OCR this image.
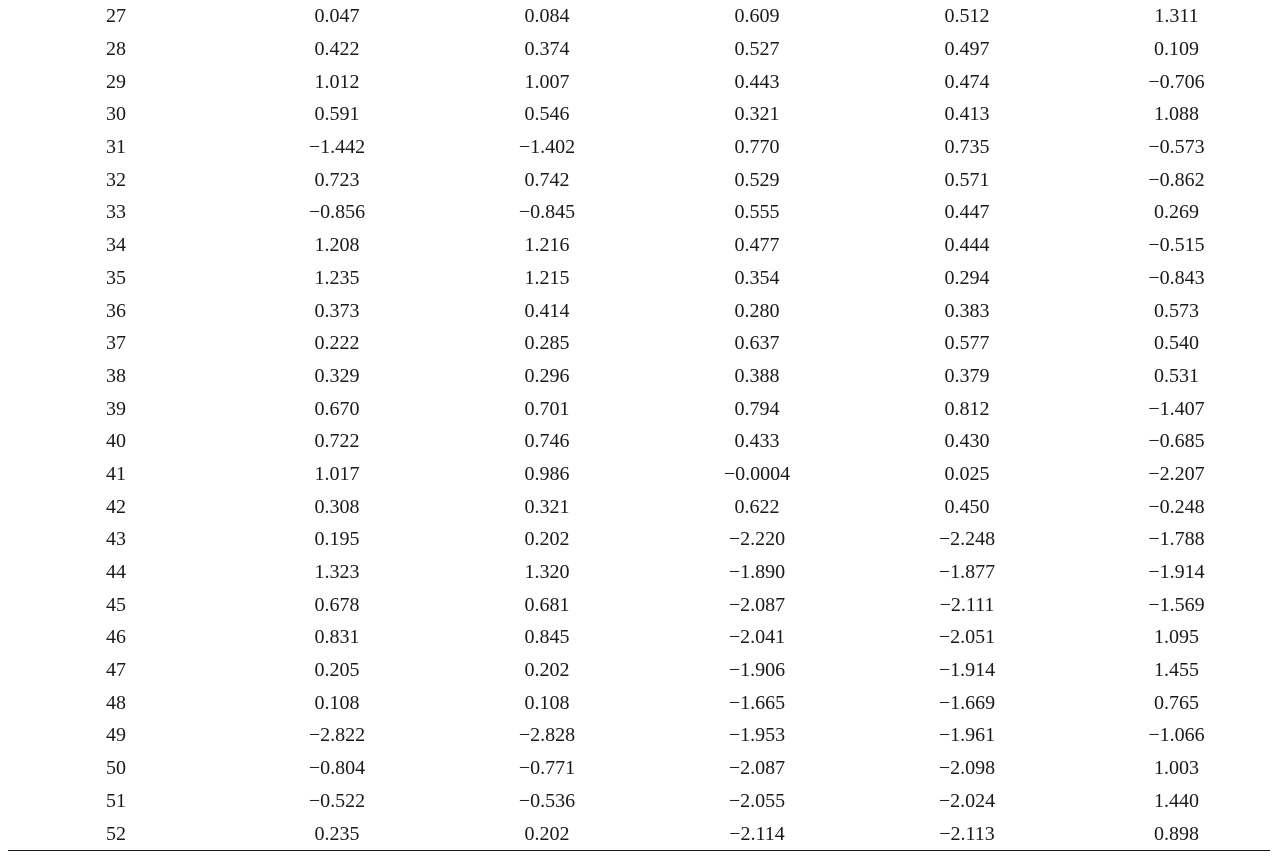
27	0.047	0.084	0.609	0.512	1.311
28	0.422	0.374	0.527	0.497	0.109
29	1.012	1.007	0.443	0.474	−0.706
30	0.591	0.546	0.321	0.413	1.088
31	−1.442	−1.402	0.770	0.735	−0.573
32	0.723	0.742	0.529	0.571	−0.862
33	−0.856	−0.845	0.555	0.447	0.269
34	1.208	1.216	0.477	0.444	−0.515
35	1.235	1.215	0.354	0.294	−0.843
36	0.373	0.414	0.280	0.383	0.573
37	0.222	0.285	0.637	0.577	0.540
38	0.329	0.296	0.388	0.379	0.531
39	0.670	0.701	0.794	0.812	−1.407
40	0.722	0.746	0.433	0.430	−0.685
41	1.017	0.986	−0.0004	0.025	−2.207
42	0.308	0.321	0.622	0.450	−0.248
43	0.195	0.202	−2.220	−2.248	−1.788
44	1.323	1.320	−1.890	−1.877	−1.914
45	0.678	0.681	−2.087	−2.111	−1.569
46	0.831	0.845	−2.041	−2.051	1.095
47	0.205	0.202	−1.906	−1.914	1.455
48	0.108	0.108	−1.665	−1.669	0.765
49	−2.822	−2.828	−1.953	−1.961	−1.066
50	−0.804	−0.771	−2.087	−2.098	1.003
51	−0.522	−0.536	−2.055	−2.024	1.440
52	0.235	0.202	−2.114	−2.113	0.898
